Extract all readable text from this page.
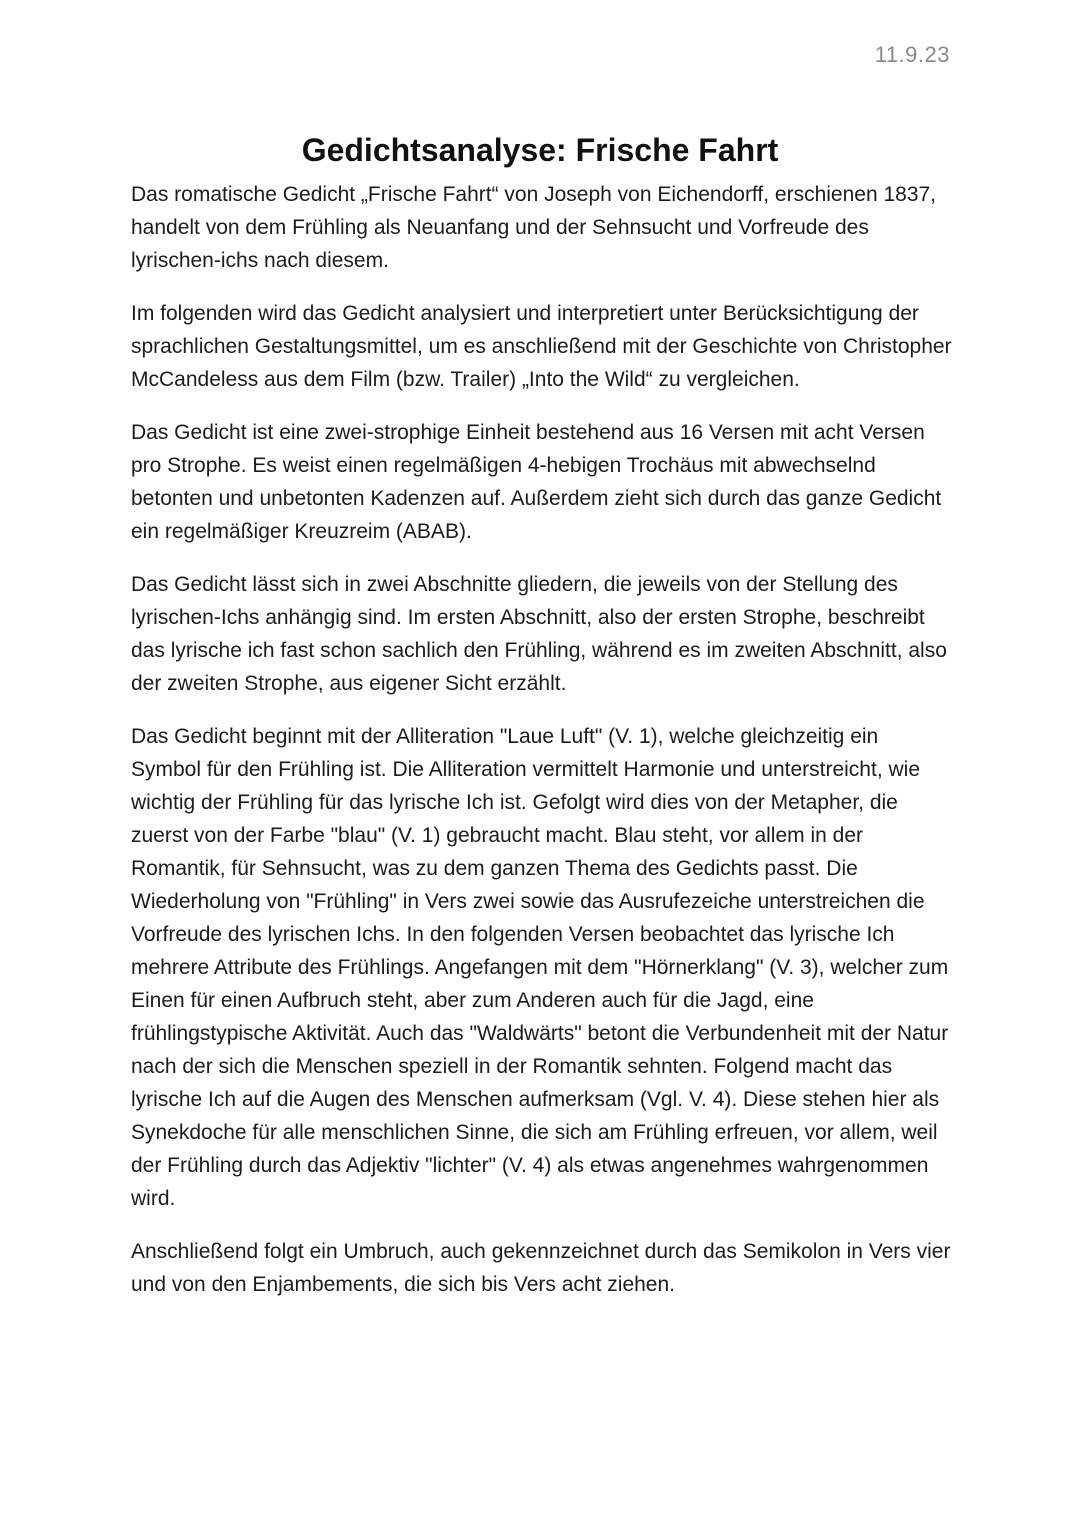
11.9.23
Gedichtsanalyse: Frische Fahrt

Das romatische Gedicht „Frische Fahrt“ von Joseph von Eichendorff, erschienen 1837, handelt von dem Frühling als Neuanfang und der Sehnsucht und Vorfreude des lyrischen-ichs nach diesem.

Im folgenden wird das Gedicht analysiert und interpretiert unter Berücksichtigung der sprachlichen Gestaltungsmittel, um es anschließend mit der Geschichte von Christopher McCandeless aus dem Film (bzw. Trailer) „Into the Wild“ zu vergleichen.

Das Gedicht ist eine zwei-strophige Einheit bestehend aus 16 Versen mit acht Versen pro Strophe. Es weist einen regelmäßigen 4-hebigen Trochäus mit abwechselnd betonten und unbetonten Kadenzen auf. Außerdem zieht sich durch das ganze Gedicht ein regelmäßiger Kreuzreim (ABAB).

Das Gedicht lässt sich in zwei Abschnitte gliedern, die jeweils von der Stellung des lyrischen-Ichs anhängig sind. Im ersten Abschnitt, also der ersten Strophe, beschreibt das lyrische ich fast schon sachlich den Frühling, während es im zweiten Abschnitt, also der zweiten Strophe, aus eigener Sicht erzählt.

Das Gedicht beginnt mit der Alliteration "Laue Luft" (V. 1), welche gleichzeitig ein Symbol für den Frühling ist. Die Alliteration vermittelt Harmonie und unterstreicht, wie wichtig der Frühling für das lyrische Ich ist. Gefolgt wird dies von der Metapher, die zuerst von der Farbe "blau" (V. 1) gebraucht macht. Blau steht, vor allem in der Romantik, für Sehnsucht, was zu dem ganzen Thema des Gedichts passt. Die Wiederholung von "Frühling" in Vers zwei sowie das Ausrufezeiche unterstreichen die Vorfreude des lyrischen Ichs. In den folgenden Versen beobachtet das lyrische Ich mehrere Attribute des Frühlings. Angefangen mit dem "Hörnerklang" (V. 3), welcher zum Einen für einen Aufbruch steht, aber zum Anderen auch für die Jagd, eine frühlingstypische Aktivität. Auch das "Waldwärts" betont die Verbundenheit mit der Natur nach der sich die Menschen speziell in der Romantik sehnten. Folgend macht das lyrische Ich auf die Augen des Menschen aufmerksam (Vgl. V. 4). Diese stehen hier als Synekdoche für alle menschlichen Sinne, die sich am Frühling erfreuen, vor allem, weil der Frühling durch das Adjektiv "lichter" (V. 4) als etwas angenehmes wahrgenommen wird.

Anschließend folgt ein Umbruch, auch gekennzeichnet durch das Semikolon in Vers vier und von den Enjambements, die sich bis Vers acht ziehen.
